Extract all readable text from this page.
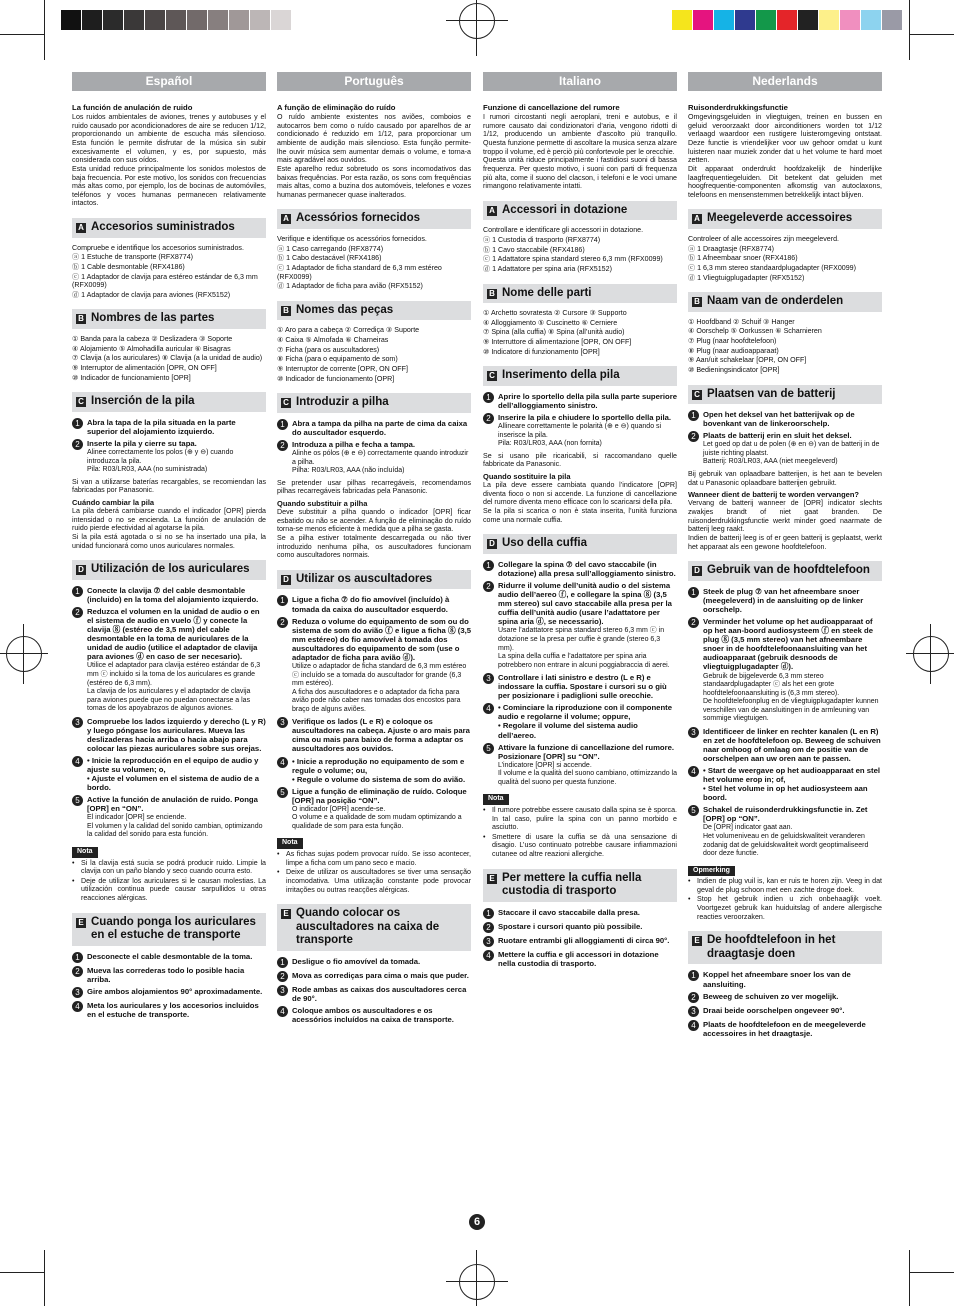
Español
La función de anulación de ruido
Los ruidos ambientales de aviones, trenes y autobuses y el ruido causado por acondicionadores de aire se reducen 1/12, proporcionando un ambiente de escucha más silencioso. Esta función le permite disfrutar de la música sin subir excesivamente el volumen, y es, por supuesto, más considerada con sus oídos.
Esta unidad reduce principalmente los sonidos molestos de baja frecuencia. Por este motivo, los sonidos con frecuencias más altas como, por ejemplo, los de bocinas de automóviles, teléfonos y voces humanas permanecen relativamente intactos.
A Accesorios suministrados
Compruebe e identifique los accesorios suministrados.
ⓐ 1 Estuche de transporte (RFX8774)
ⓑ 1 Cable desmontable (RFX4186)
ⓒ 1 Adaptador de clavija para estéreo estándar de 6,3 mm (RFX0099)
ⓓ 1 Adaptador de clavija para aviones (RFX5152)
B Nombres de las partes
① Banda para la cabeza ② Deslizadera ③ Soporte
④ Alojamiento ⑤ Almohadilla auricular ⑥ Bisagras
⑦ Clavija (a los auriculares) ⑧ Clavija (a la unidad de audio)
⑨ Interruptor de alimentación [OPR, ON OFF]
⑩ Indicador de funcionamiento [OPR]
C Inserción de la pila
1 Abra la tapa de la pila situada en la parte superior del alojamiento izquierdo.
2 Inserte la pila y cierre su tapa.
Alinee correctamente los polos (⊕ y ⊖) cuando introduzca la pila.
Pila: R03/LR03, AAA (no suministrada)
Si van a utilizarse baterías recargables, se recomiendan las fabricadas por Panasonic.
Cuándo cambiar la pila
La pila deberá cambiarse cuando el indicador [OPR] pierda intensidad o no se encienda. La función de anulación de ruido pierde efectividad al agotarse la pila.
Si la pila está agotada o si no se ha insertado una pila, la unidad funcionará como unos auriculares normales.
D Utilización de los auriculares
1 Conecte la clavija ⑦ del cable desmontable (incluido) en la toma del alojamiento izquierdo.
2 Reduzca el volumen en la unidad de audio o en el sistema de audio en vuelo ⓕ y conecte la clavija ⑧ (estéreo de 3,5 mm) del cable desmontable en la toma de auriculares de la unidad de audio (utilice el adaptador de clavija para aviones ⓓ en caso de ser necesario).
Utilice el adaptador para clavija estéreo estándar de 6,3 mm ⓒ incluido si la toma de los auriculares es grande (estéreo de 6,3 mm).
La clavija de los auriculares y el adaptador de clavija para aviones puede que no puedan conectarse a las tomas de los apoyabrazos de algunos aviones.
3 Compruebe los lados izquierdo y derecho (L y R) y luego póngase los auriculares. Mueva las deslizaderas hacia arriba o hacia abajo para colocar las piezas auriculares sobre sus orejas.
4 • Inicie la reproducción en el equipo de audio y ajuste su volumen; o,
• Ajuste el volumen en el sistema de audio de a bordo.
5 Active la función de anulación de ruido. Ponga [OPR] en “ON”.
El indicador [OPR] se enciende.
El volumen y la calidad del sonido cambian, optimizando la calidad del sonido para esta función.
Nota
• Si la clavija está sucia se podrá producir ruido. Limpie la clavija con un paño blando y seco cuando ocurra esto.
• Deje de utilizar los auriculares si le causan molestias. La utilización continua puede causar sarpullidos u otras reacciones alérgicas.
E Cuando ponga los auriculares en el estuche de transporte
1 Desconecte el cable desmontable de la toma.
2 Mueva las correderas todo lo posible hacia arriba.
3 Gire ambos alojamientos 90° aproximadamente.
4 Meta los auriculares y los accesorios incluidos en el estuche de transporte.
Português
A função de eliminação do ruído
O ruído ambiente existentes nos aviões, comboios e autocarros bem como o ruído causado por aparelhos de ar condicionado é reduzido em 1/12, para proporcionar um ambiente de audição mais silencioso. Esta função permite-lhe ouvir música sem aumentar demais o volume, e torna-a mais agradável aos ouvidos.
Este aparelho reduz sobretudo os sons incomodativos das baixas frequências. Por esta razão, os sons com frequências mais altas, como a buzina dos automóveis, telefones e vozes humanas permanecer quase inalterados.
A Acessórios fornecidos
Verifique e identifique os acessórios fornecidos.
ⓐ 1 Caso carregando (RFX8774)
ⓑ 1 Cabo destacável (RFX4186)
ⓒ 1 Adaptador de ficha standard de 6,3 mm estéreo (RFX0099)
ⓓ 1 Adaptador de ficha para avião (RFX5152)
B Nomes das peças
① Aro para a cabeça ② Corrediça ③ Suporte
④ Caixa ⑤ Almofada ⑥ Charneiras
⑦ Ficha (para os auscultadores)
⑧ Ficha (para o equipamento de som)
⑨ Interruptor de corrente [OPR, ON OFF]
⑩ Indicador de funcionamento [OPR]
C Introduzir a pilha
1 Abra a tampa da pilha na parte de cima da caixa do auscultador esquerdo.
2 Introduza a pilha e fecha a tampa.
Alinhe os pólos (⊕ e ⊖) correctamente quando introduzir a pilha.
Pilha: R03/LR03, AAA (não incluída)
Se pretender usar pilhas recarregáveis, recomendamos pilhas recarregáveis fabricadas pela Panasonic.
Quando substituir a pilha
Deve substituir a pilha quando o indicador [OPR] ficar esbatido ou não se acender. A função de eliminação do ruído torna-se menos eficiente à medida que a pilha se gasta.
Se a pilha estiver totalmente descarregada ou não tiver introduzido nenhuma pilha, os auscultadores funcionam como auscultadores normais.
D Utilizar os auscultadores
1 Ligue a ficha ⑦ do fio amovível (incluído) à tomada da caixa do auscultador esquerdo.
2 Reduza o volume do equipamento de som ou do sistema de som do avião ⓕ e ligue a ficha ⑧ (3,5 mm estéreo) do fio amovível à tomada dos auscultadores do equipamento de som (use o adaptador de ficha para avião ⓓ).
Utilize o adaptador de ficha standard de 6,3 mm estéreo ⓒ incluído se a tomada do auscultador for grande (6,3 mm estéreo).
A ficha dos auscultadores e o adaptador da ficha para avião pode não caber nas tomadas dos encostos para braço de alguns aviões.
3 Verifique os lados (L e R) e coloque os auscultadores na cabeça. Ajuste o aro mais para cima ou mais para baixo de forma a adaptar os auscultadores aos ouvidos.
4 • Inicie a reprodução no equipamento de som e regule o volume; ou,
• Regule o volume do sistema de som do avião.
5 Ligue a função de eliminação de ruído. Coloque [OPR] na posição “ON”.
O indicador [OPR] acende-se.
O volume e a qualidade de som mudam optimizando a qualidade de som para esta função.
Nota
• As fichas sujas podem provocar ruído. Se isso acontecer, limpe a ficha com um pano seco e macio.
• Deixe de utilizar os auscultadores se tiver uma sensação incomodativa. Uma utilização constante pode provocar irritações ou outras reacções alérgicas.
E Quando colocar os auscultadores na caixa de transporte
1 Desligue o fio amovível da tomada.
2 Mova as corrediças para cima o mais que puder.
3 Rode ambas as caixas dos auscultadores cerca de 90°.
4 Coloque ambos os auscultadores e os acessórios incluídos na caixa de transporte.
Italiano
Funzione di cancellazione del rumore
I rumori circostanti negli aeroplani, treni e autobus, e il rumore causato dai condizionatori d’aria, vengono ridotti di 1/12, producendo un ambiente d’ascolto più tranquillo. Questa funzione permette di ascoltare la musica senza alzare troppo il volume, ed è perciò più confortevole per le orecchie.
Questa unità riduce principalmente i fastidiosi suoni di bassa frequenza. Per questo motivo, i suoni con parti di frequenza più alta, come il suono del clacson, i telefoni e le voci umane rimangono relativamente intatti.
A Accessori in dotazione
Controllare e identificare gli accessori in dotazione.
ⓐ 1 Custodia di trasporto (RFX8774)
ⓑ 1 Cavo staccabile (RFX4186)
ⓒ 1 Adattatore spina standard stereo 6,3 mm (RFX0099)
ⓓ 1 Adattatore per spina aria (RFX5152)
B Nome delle parti
① Archetto sovratesta ② Cursore ③ Supporto
④ Alloggiamento ⑤ Cuscinetto ⑥ Cerniere
⑦ Spina (alla cuffia) ⑧ Spina (all’unità audio)
⑨ Interruttore di alimentazione [OPR, ON OFF]
⑩ Indicatore di funzionamento [OPR]
C Inserimento della pila
1 Aprire lo sportello della pila sulla parte superiore dell’alloggiamento sinistro.
2 Inserire la pila e chiudere lo sportello della pila.
Allineare correttamente le polarità (⊕ e ⊖) quando si inserisce la pila.
Pila: R03/LR03, AAA (non fornita)
Se si usano pile ricaricabili, si raccomandano quelle fabbricate da Panasonic.
Quando sostituire la pila
La pila deve essere cambiata quando l’indicatore [OPR] diventa fioco o non si accende. La funzione di cancellazione del rumore diventa meno efficace con lo scaricarsi della pila.
Se la pila si scarica o non è stata inserita, l’unità funziona come una normale cuffia.
D Uso della cuffia
1 Collegare la spina ⑦ del cavo staccabile (in dotazione) alla presa sull’alloggiamento sinistro.
2 Ridurre il volume dell’unità audio o del sistema audio dell’aereo ⓕ, e collegare la spina ⑧ (3,5 mm stereo) sul cavo staccabile alla presa per la cuffia dell’unità audio (usare l’adattatore per spina aria ⓓ, se necessario).
Usare l’adattatore spina standard stereo 6,3 mm ⓒ in dotazione se la presa per cuffie è grande (stereo 6,3 mm).
La spina della cuffia e l’adattatore per spina aria potrebbero non entrare in alcuni poggiabraccia di aerei.
3 Controllare i lati sinistro e destro (L e R) e indossare la cuffia. Spostare i cursori su o giù per posizionare i padiglioni sulle orecchie.
4 • Cominciare la riproduzione con il componente audio e regolarne il volume; oppure,
• Regolare il volume del sistema audio dell’aereo.
5 Attivare la funzione di cancellazione del rumore. Posizionare [OPR] su “ON”.
L’indicatore [OPR] si accende.
Il volume e la qualità del suono cambiano, ottimizzando la qualità del suono per questa funzione.
Nota
• Il rumore potrebbe essere causato dalla spina se è sporca. In tal caso, pulire la spina con un panno morbido e asciutto.
• Smettere di usare la cuffia se dà una sensazione di disagio. L’uso continuato potrebbe causare infiammazioni cutanee od altre reazioni allergiche.
E Per mettere la cuffia nella custodia di trasporto
1 Staccare il cavo staccabile dalla presa.
2 Spostare i cursori quanto più possibile.
3 Ruotare entrambi gli alloggiamenti di circa 90°.
4 Mettere la cuffia e gli accessori in dotazione nella custodia di trasporto.
Nederlands
Ruisonderdrukkingsfunctie
Omgevingsgeluiden in vliegtuigen, treinen en bussen en geluid veroorzaakt door airconditioners worden tot 1/12 verlaagd waardoor een rustigere luisteromgeving ontstaat. Deze functie is vriendelijker voor uw gehoor omdat u kunt luisteren naar muziek zonder dat u het volume te hard moet zetten.
Dit apparaat onderdrukt hoofdzakelijk de hinderlijke laagfrequentiegeluiden. Dit betekent dat geluiden met hoogfrequentie-componenten afkomstig van autoclaxons, telefoons en mensenstemmen betrekkelijk intact blijven.
A Meegeleverde accessoires
Controleer of alle accessoires zijn meegeleverd.
ⓐ 1 Draagtasje (RFX8774)
ⓑ 1 Afneembaar snoer (RFX4186)
ⓒ 1 6,3 mm stereo standaardplugadapter (RFX0099)
ⓓ 1 Vliegtuigplugadapter (RFX5152)
B Naam van de onderdelen
① Hoofdband ② Schuif ③ Hanger
④ Oorschelp ⑤ Oorkussen ⑥ Scharnieren
⑦ Plug (naar hoofdtelefoon)
⑧ Plug (naar audioapparaat)
⑨ Aan/uit schakelaar [OPR, ON OFF]
⑩ Bedieningsindicator [OPR]
C Plaatsen van de batterij
1 Open het deksel van het batterijvak op de bovenkant van de linkeroorschelp.
2 Plaats de batterij erin en sluit het deksel.
Let goed op dat u de polen (⊕ en ⊖) van de batterij in de juiste richting plaatst.
Batterij: R03/LR03, AAA (niet meegeleverd)
Bij gebruik van oplaadbare batterijen, is het aan te bevelen dat u Panasonic oplaadbare batterijen gebruikt.
Wanneer dient de batterij te worden vervangen?
Vervang de batterij wanneer de [OPR] indicator slechts zwakjes brandt of niet gaat branden. De ruisonderdrukkingsfunctie werkt minder goed naarmate de batterij leeg raakt.
Indien de batterij leeg is of er geen batterij is geplaatst, werkt het apparaat als een gewone hoofdtelefoon.
D Gebruik van de hoofdtelefoon
1 Steek de plug ⑦ van het afneembare snoer (meegeleverd) in de aansluiting op de linker oorschelp.
2 Verminder het volume op het audioapparaat of op het aan-boord audiosysteem ⓕ en steek de plug ⑧ (3,5 mm stereo) van het afneembare snoer in de hoofdtelefoonaansluiting van het audioapparaat (gebruik desnoods de vliegtuigplugadapter ⓓ).
Gebruik de bijgeleverde 6,3 mm stereo standaardplugadapter ⓒ als het een grote hoofdtelefoonaansluiting is (6,3 mm stereo).
De hoofdtelefoonplug en de vliegtuigplugadapter kunnen verschillen van de aansluitingen in de armleuning van sommige vliegtuigen.
3 Identificeer de linker en rechter kanalen (L en R) en zet de hoofdtelefoon op. Beweeg de schuiven naar omhoog of omlaag om de positie van de oorschelpen aan uw oren aan te passen.
4 • Start de weergave op het audioapparaat en stel het volume erop in; of,
• Stel het volume in op het audiosysteem aan boord.
5 Schakel de ruisonderdrukkingsfunctie in. Zet [OPR] op “ON”.
De [OPR] indicator gaat aan.
Het volumeniveau en de geluidskwaliteit veranderen zodanig dat de geluidskwaliteit wordt geoptimaliseerd door deze functie.
Opmerking
• Indien de plug vuil is, kan er ruis te horen zijn. Veeg in dat geval de plug schoon met een zachte droge doek.
• Stop het gebruik indien u zich onbehaaglijk voelt. Voortgezet gebruik kan huiduitslag of andere allergische reacties veroorzaken.
E De hoofdtelefoon in het draagtasje doen
1 Koppel het afneembare snoer los van de aansluiting.
2 Beweeg de schuiven zo ver mogelijk.
3 Draai beide oorschelpen ongeveer 90°.
4 Plaats de hoofdtelefoon en de meegeleverde accessoires in het draagtasje.
6
